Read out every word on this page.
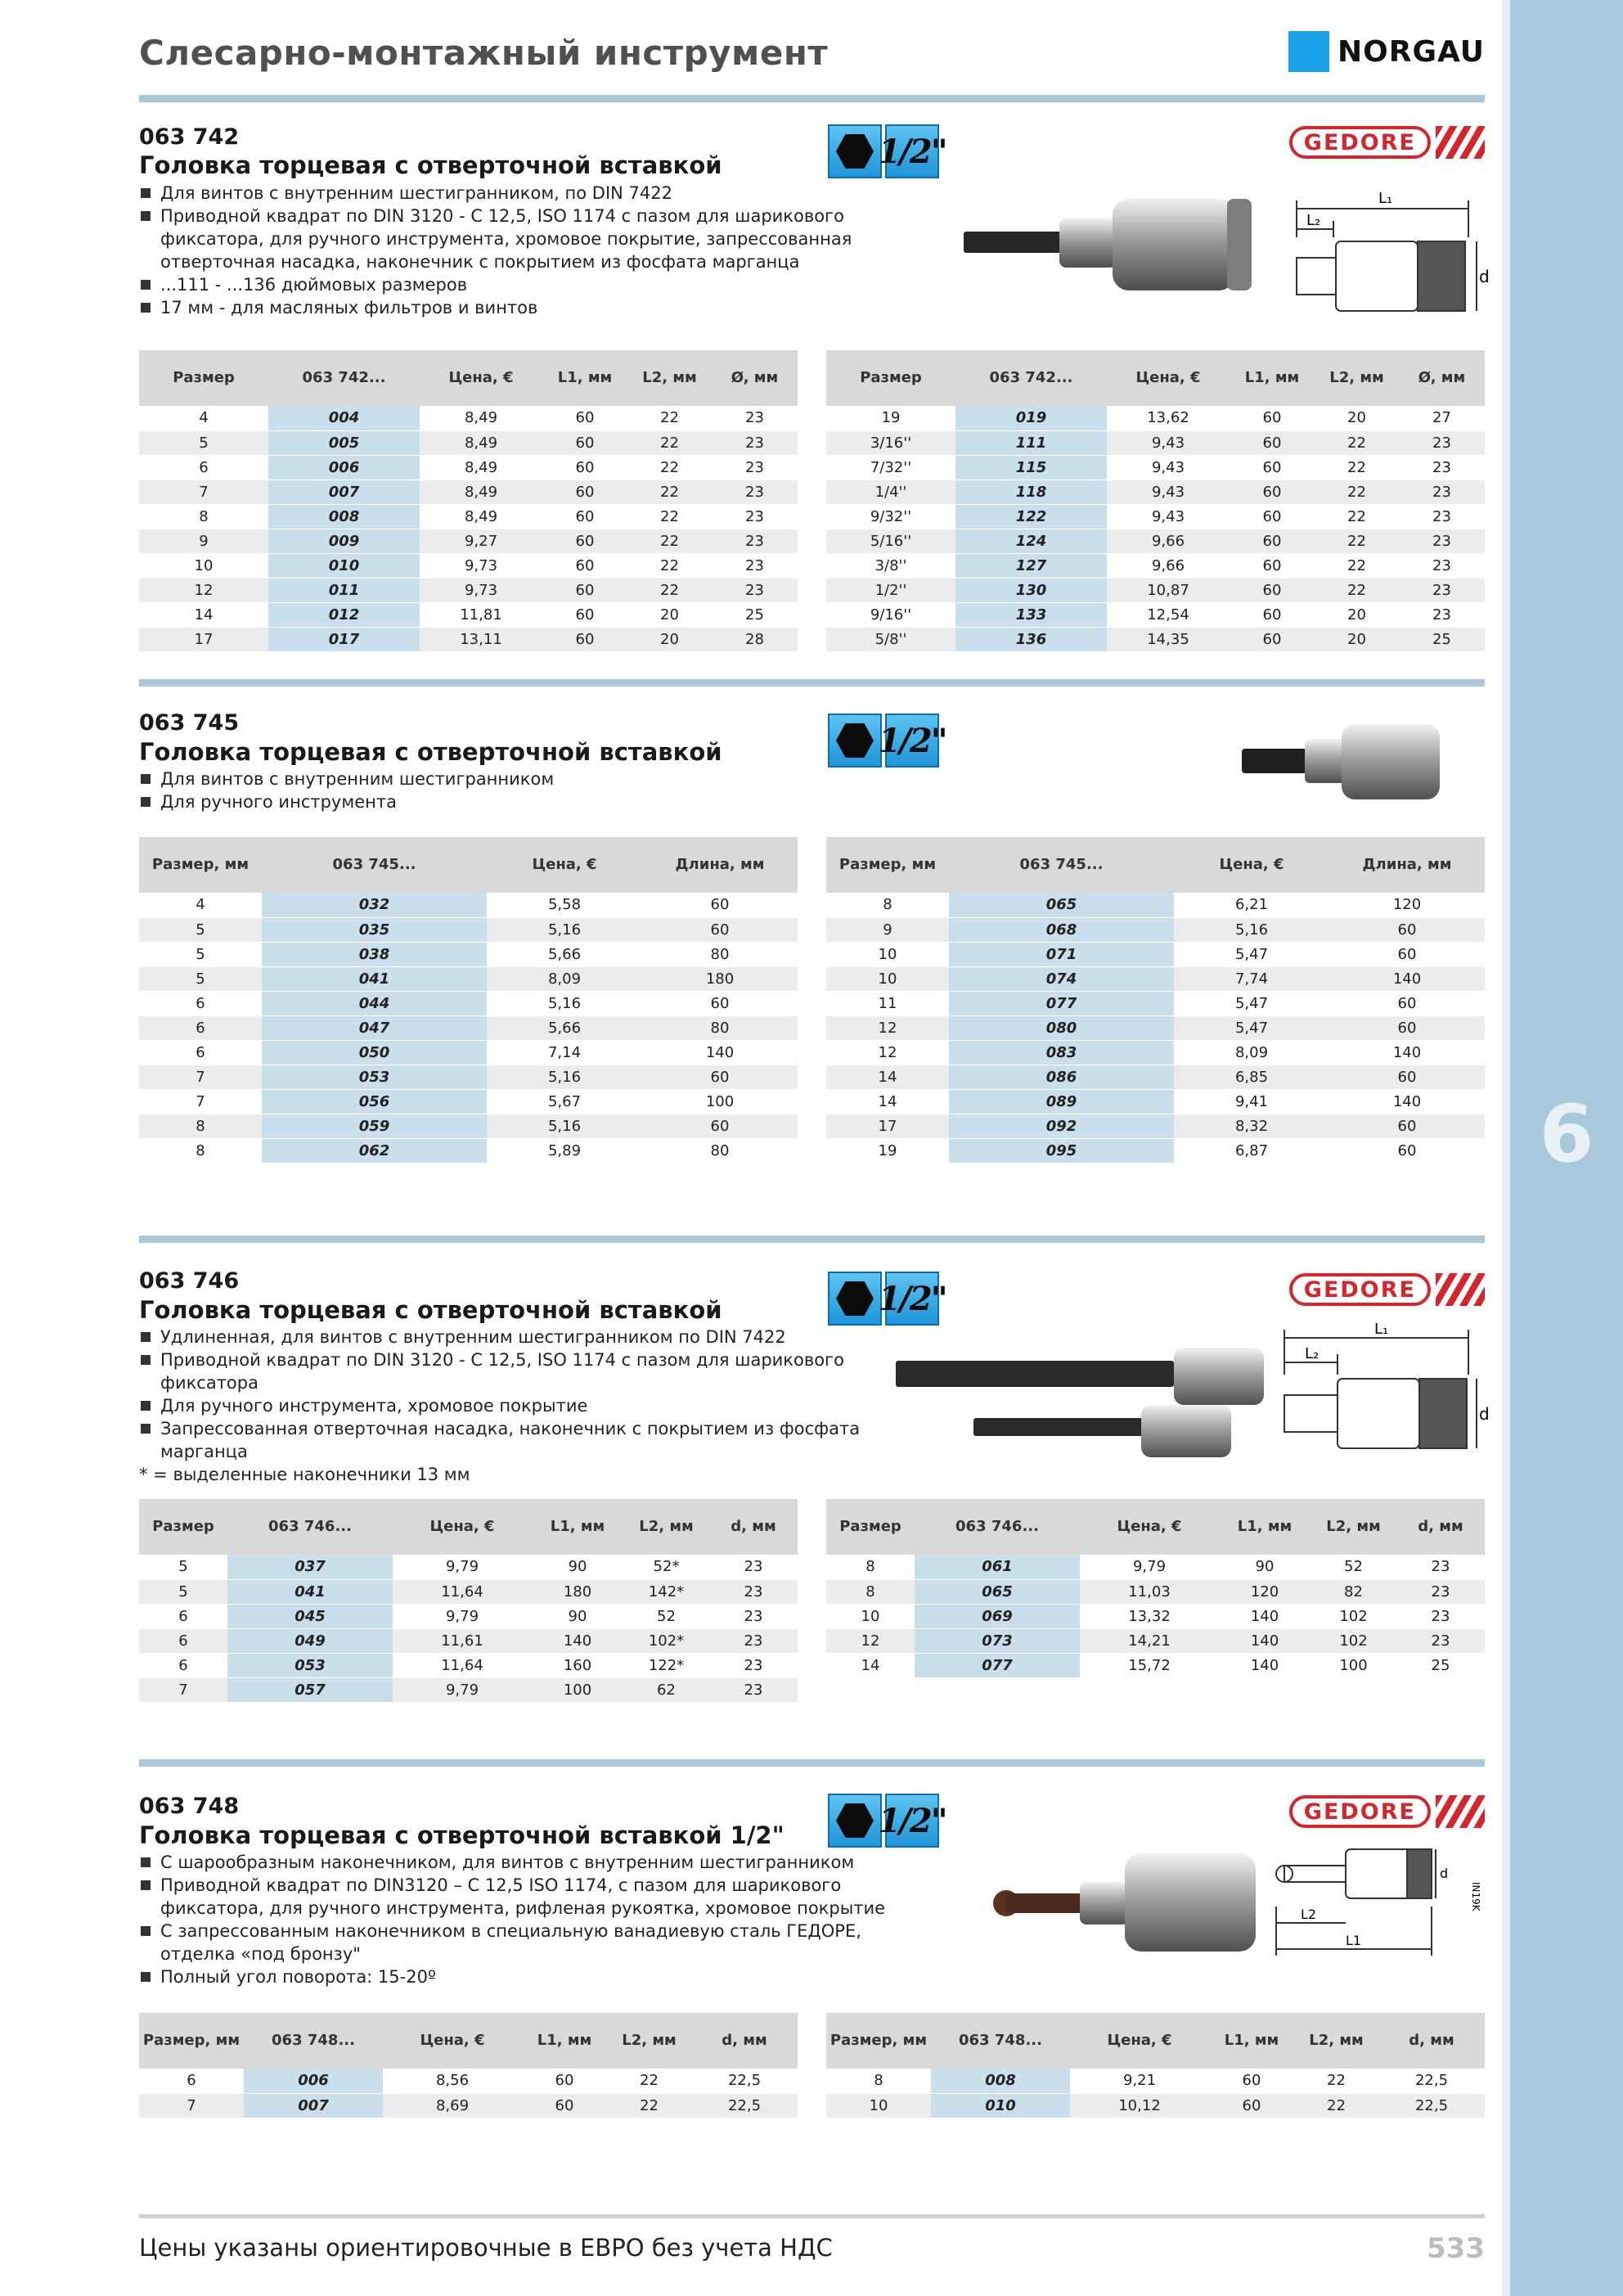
6
Слесарно-монтажный инструмент	NORGAU
063 742
Головка торцевая с отверточной вставкой
Для винтов с внутренним шестигранником, по DIN 7422
Приводной квадрат по DIN 3120 - C 12,5, ISO 1174 с пазом для шарикового фиксатора, для ручного инструмента, хромовое покрытие, запрессованная отверточная насадка, наконечник с покрытием из фосфата марганца
...111 - ...136 дюймовых размеров
17 мм - для масляных фильтров и винтов
1/2"	GEDORE
L₁
L₂
d
Размер	063 742...	Цена, €	L1, мм	L2, мм	Ø, мм
4	004	8,49	60	22	23
5	005	8,49	60	22	23
6	006	8,49	60	22	23
7	007	8,49	60	22	23
8	008	8,49	60	22	23
9	009	9,27	60	22	23
10	010	9,73	60	22	23
12	011	9,73	60	22	23
14	012	11,81	60	20	25
17	017	13,11	60	20	28
Размер	063 742...	Цена, €	L1, мм	L2, мм	Ø, мм
19	019	13,62	60	20	27
3/16''	111	9,43	60	22	23
7/32''	115	9,43	60	22	23
1/4''	118	9,43	60	22	23
9/32''	122	9,43	60	22	23
5/16''	124	9,66	60	22	23
3/8''	127	9,66	60	22	23
1/2''	130	10,87	60	22	23
9/16''	133	12,54	60	20	23
5/8''	136	14,35	60	20	25
063 745
Головка торцевая с отверточной вставкой
Для винтов с внутренним шестигранником
Для ручного инструмента
1/2"
Размер, мм	063 745...	Цена, €	Длина, мм
4	032	5,58	60
5	035	5,16	60
5	038	5,66	80
5	041	8,09	180
6	044	5,16	60
6	047	5,66	80
6	050	7,14	140
7	053	5,16	60
7	056	5,67	100
8	059	5,16	60
8	062	5,89	80
Размер, мм	063 745...	Цена, €	Длина, мм
8	065	6,21	120
9	068	5,16	60
10	071	5,47	60
10	074	7,74	140
11	077	5,47	60
12	080	5,47	60
12	083	8,09	140
14	086	6,85	60
14	089	9,41	140
17	092	8,32	60
19	095	6,87	60
063 746
Головка торцевая с отверточной вставкой
Удлиненная, для винтов с внутренним шестигранником по DIN 7422
Приводной квадрат по DIN 3120 - C 12,5, ISO 1174 с пазом для шарикового фиксатора
Для ручного инструмента, хромовое покрытие
Запрессованная отверточная насадка, наконечник с покрытием из фосфата марганца
* = выделенные наконечники 13 мм
1/2"	GEDORE
L₁
L₂
d
Размер	063 746...	Цена, €	L1, мм	L2, мм	d, мм
5	037	9,79	90	52*	23
5	041	11,64	180	142*	23
6	045	9,79	90	52	23
6	049	11,61	140	102*	23
6	053	11,64	160	122*	23
7	057	9,79	100	62	23
Размер	063 746...	Цена, €	L1, мм	L2, мм	d, мм
8	061	9,79	90	52	23
8	065	11,03	120	82	23
10	069	13,32	140	102	23
12	073	14,21	140	102	23
14	077	15,72	140	100	25
063 748
Головка торцевая с отверточной вставкой 1/2"
С шарообразным наконечником, для винтов с внутренним шестигранником
Приводной квадрат по DIN3120 – C 12,5 ISO 1174, с пазом для шарикового фиксатора, для ручного инструмента, рифленая рукоятка, хромовое покрытие
С запрессованным наконечником в специальную ванадиевую сталь ГЕДОРЕ, отделка «под бронзу"
Полный угол поворота: 15-20º
1/2"	GEDORE
d
L2
L1
IN19K
Размер, мм	063 748...	Цена, €	L1, мм	L2, мм	d, мм
6	006	8,56	60	22	22,5
7	007	8,69	60	22	22,5
Размер, мм	063 748...	Цена, €	L1, мм	L2, мм	d, мм
8	008	9,21	60	22	22,5
10	010	10,12	60	22	22,5
Цены указаны ориентировочные в ЕВРО без учета НДС	533
